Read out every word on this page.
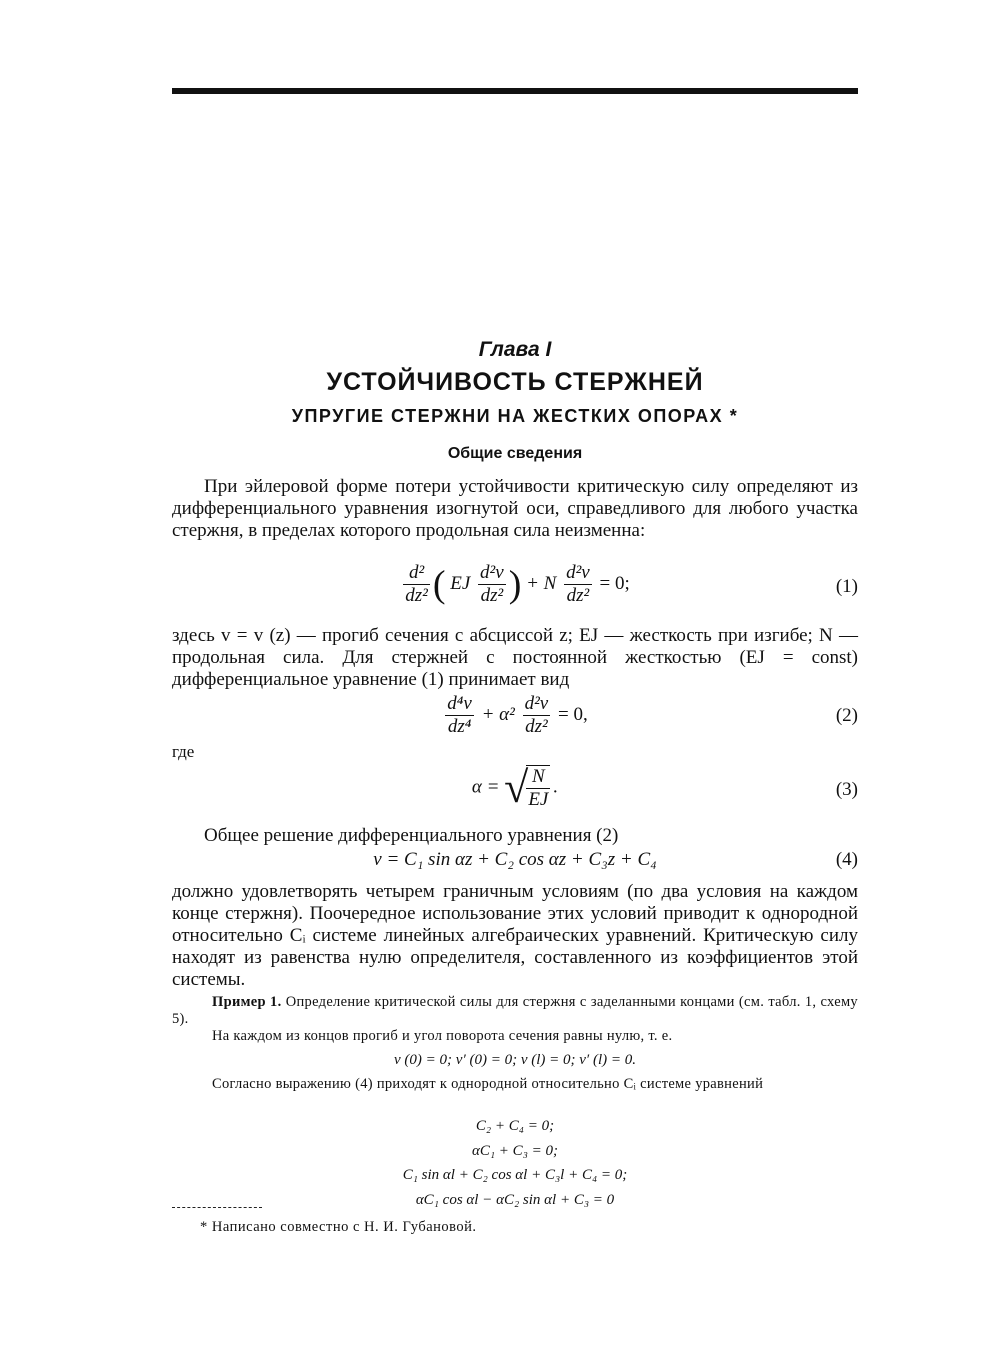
Глава I
УСТОЙЧИВОСТЬ СТЕРЖНЕЙ
УПРУГИЕ СТЕРЖНИ НА ЖЕСТКИХ ОПОРАХ *
Общие сведения
При эйлеровой форме потери устойчивости критическую силу определяют из дифференциального уравнения изогнутой оси, справедливого для любого участка стержня, в пределах которого продольная сила неизменна:
$\frac{\text{d²}}{\text{dz²}}$ ( EJ $\frac{\text{d²v}}{\text{dz²}}$ ) + N $\frac{\text{d²v}}{\text{dz²}} = 0$;	(1)
здесь v = v (z) — прогиб сечения с абсциссой z; EJ — жесткость при изгибе; N — продольная сила. Для стержней с постоянной жесткостью (EJ = const) дифференциальное уравнение (1) принимает вид
$\frac{\text{d⁴v}}{\text{dz⁴}} + \alpha^2 \frac{\text{d²v}}{\text{dz²}} = 0$,	(2)
где
α = √
$\frac{N}{EJ}$ .	(3)
Общее решение дифференциального уравнения (2)
v = C₁ sin αz + C₂ cos αz + C₃z + C₄	(4)
должно удовлетворять четырем граничным условиям (по два условия на каждом конце стержня). Поочередное использование этих условий приводит к однородной относительно Cᵢ системе линейных алгебраических уравнений. Критическую силу находят из равенства нулю определителя, составленного из коэффициентов этой системы.
Пример 1. Определение критической силы для стержня с заделанными концами (см. табл. 1, схему 5).
На каждом из концов прогиб и угол поворота сечения равны нулю, т. е.
v (0) = 0; v′ (0) = 0; v (l) = 0; v′ (l) = 0.
Согласно выражению (4) приходят к однородной относительно Cᵢ системе уравнений
C₂ + C₄ = 0;
αC₁ + C₃ = 0;
C₁ sin αl + C₂ cos αl + C₃l + C₄ = 0;
αC₁ cos αl − αC₂ sin αl + C₃ = 0
* Написано совместно с Н. И. Губановой.
